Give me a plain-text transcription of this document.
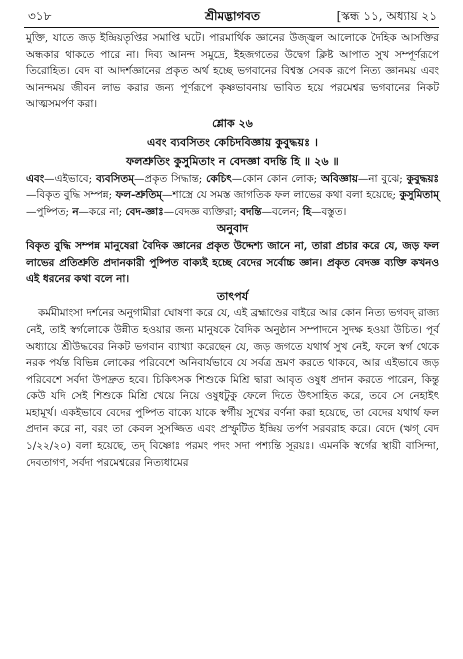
৩১৮	শ্রীমদ্ভাগবত	[স্কন্ধ ১১, অধ্যায় ২১

মুক্তি, যাতে জড় ইন্দ্রিয়তৃপ্তির সমাপ্তি ঘটে। পারমার্থিক জ্ঞানের উজ্জ্বল আলোকে দৈহিক আসক্তির অন্ধকার থাকতে পারে না। দিব্য আনন্দ সমুদ্রে, ইহজগতের উদ্বেগ ক্লিষ্ট আপাত সুখ সম্পূর্ণরূপে তিরোহিত। বেদ বা আদর্শজ্ঞানের প্রকৃত অর্থ হচ্ছে ভগবানের বিশ্বস্ত সেবক রূপে নিত্য জ্ঞানময় এবং আনন্দময় জীবন লাভ করার জন্য পূর্ণরূপে কৃষ্ণভাবনায় ভাবিত হয়ে পরমেশ্বর ভগবানের নিকট আত্মসমর্পণ করা।

শ্লোক ২৬

এবং ব্যবসিতং কেচিদবিজ্ঞায় কুবুদ্ধয়ঃ ।

ফলশ্রুতিং কুসুমিতাং ন বেদজ্ঞা বদন্তি হি ॥ ২৬ ॥

এবং—এইভাবে; ব্যবসিতম্—প্রকৃত সিদ্ধান্ত; কেচিৎ—কোন কোন লোক; অবিজ্ঞায়—না বুঝে; কুবুদ্ধয়ঃ—বিকৃত বুদ্ধি সম্পন্ন; ফল-শ্রুতিম্—শাস্ত্রে যে সমস্ত জাগতিক ফল লাভের কথা বলা হয়েছে; কুসুমিতাম্—পুষ্পিত; ন—করে না; বেদ-জ্ঞাঃ—বেদজ্ঞ ব্যক্তিরা; বদন্তি—বলেন; হি—বস্তুত।

অনুবাদ

বিকৃত বুদ্ধি সম্পন্ন মানুষেরা বৈদিক জ্ঞানের প্রকৃত উদ্দেশ্য জানে না, তারা প্রচার করে যে, জড় ফল লাভের প্রতিশ্রুতি প্রদানকারী পুষ্পিত বাক্যই হচ্ছে বেদের সর্বোচ্চ জ্ঞান। প্রকৃত বেদজ্ঞ ব্যক্তি কখনও এই ধরনের কথা বলে না।

তাৎপর্য

কর্মমীমাংসা দর্শনের অনুগামীরা ঘোষণা করে যে, এই ব্রহ্মাণ্ডের বাইরে আর কোন নিত্য ভগবদ্ রাজ্য নেই, তাই স্বর্গলোকে উন্নীত হওয়ার জন্য মানুষকে বৈদিক অনুষ্ঠান সম্পাদনে সুদক্ষ হওয়া উচিত। পূর্ব অধ্যায়ে শ্রীউদ্ধবের নিকট ভগবান ব্যাখ্যা করেছেন যে, জড় জগতে যথার্থ সুখ নেই, ফলে স্বর্গ থেকে নরক পর্যন্ত বিভিন্ন লোকের পরিবেশে অনিবার্যভাবে যে সর্বত্র ভ্রমণ করতে থাকবে, আর এইভাবে জড় পরিবেশে সর্বদা উপদ্রুত হবে। চিকিৎসক শিশুকে মিশ্রি দ্বারা আবৃত ওষুধ প্রদান করতে পারেন, কিন্তু কেউ যদি সেই শিশুকে মিশ্রি খেয়ে নিয়ে ওষুধটুকু ফেলে দিতে উৎসাহিত করে, তবে সে নেহাইৎ মহামূর্খ। একইভাবে বেদের পুষ্পিত বাক্যে যাকে স্বর্গীয় সুখের বর্ণনা করা হয়েছে, তা বেদের যথার্থ ফল প্রদান করে না, বরং তা কেবল সুসজ্জিত এবং প্রস্ফুটিত ইন্দ্রিয় তর্পণ সরবরাহ করে। বেদে (ঋগ্ বেদ ১/২২/২০) বলা হয়েছে, তদ্ বিষ্ণোঃ পরমং পদং সদা পশ্যন্তি সূরয়ঃ। এমনকি স্বর্গের স্থায়ী বাসিন্দা, দেবতাগণ, সর্বদা পরমেশ্বরের নিত্যধামের
